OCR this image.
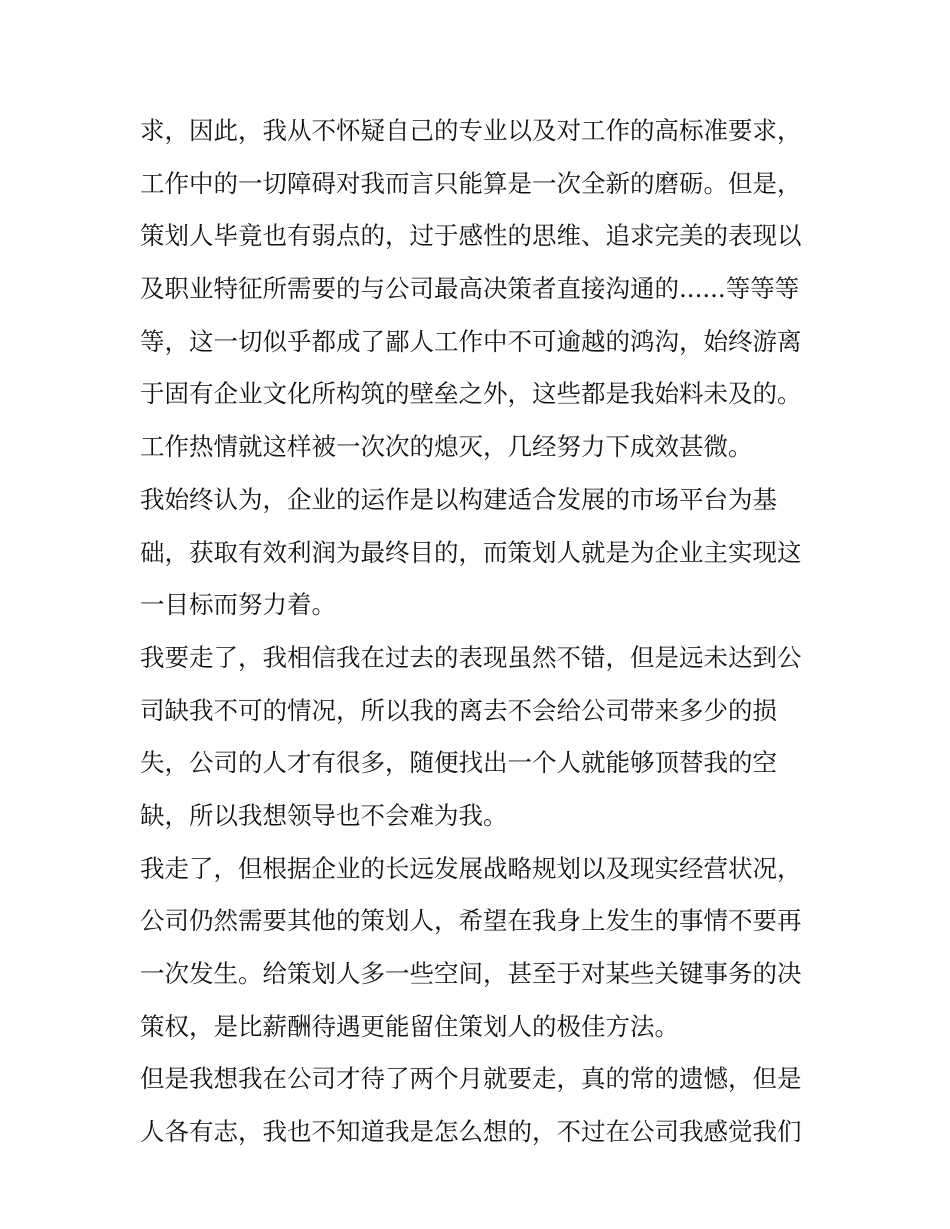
求，因此，我从不怀疑自己的专业以及对工作的高标准要求，
工作中的一切障碍对我而言只能算是一次全新的磨砺。但是，
策划人毕竟也有弱点的，过于感性的思维、追求完美的表现以
及职业特征所需要的与公司最高决策者直接沟通的......等等等
等，这一切似乎都成了鄙人工作中不可逾越的鸿沟，始终游离
于固有企业文化所构筑的壁垒之外，这些都是我始料未及的。
工作热情就这样被一次次的熄灭，几经努力下成效甚微。
我始终认为，企业的运作是以构建适合发展的市场平台为基
础，获取有效利润为最终目的，而策划人就是为企业主实现这
一目标而努力着。
我要走了，我相信我在过去的表现虽然不错，但是远未达到公
司缺我不可的情况，所以我的离去不会给公司带来多少的损
失，公司的人才有很多，随便找出一个人就能够顶替我的空
缺，所以我想领导也不会难为我。
我走了，但根据企业的长远发展战略规划以及现实经营状况，
公司仍然需要其他的策划人，希望在我身上发生的事情不要再
一次发生。给策划人多一些空间，甚至于对某些关键事务的决
策权，是比薪酬待遇更能留住策划人的极佳方法。
但是我想我在公司才待了两个月就要走，真的常的遗憾，但是
人各有志，我也不知道我是怎么想的，不过在公司我感觉我们
